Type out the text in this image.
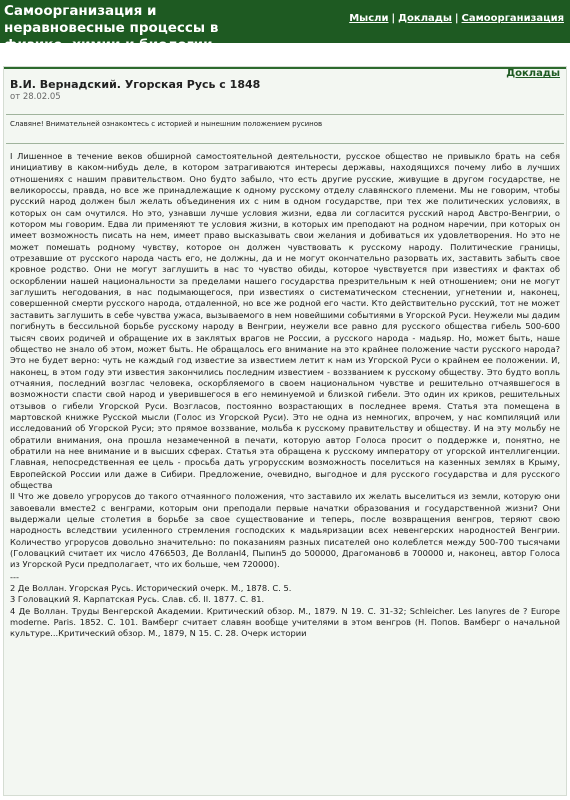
Самоорганизация и неравновесные процессы в физике, химии и биологии
Мысли | Доклады | Самоорганизация
Доклады
В.И. Вернадский. Угорская Русь с 1848
от 28.02.05
Славяне! Внимательней ознакомтесь с историей и нынешним положением русинов

I Лишенное в течение веков обширной самостоятельной деятельности, русское общество не привыкло брать на себя инициативу в каком-нибудь деле, в котором затрагиваются интересы державы, находящихся почему либо в лучших отношениях с нашим правительством. Оно будто забыло, что есть другие русские, живущие в другом государстве, не великороссы, правда, но все же принадлежащие к одному русскому отделу славянского племени. Мы не говорим, чтобы русский народ должен был желать объединения их с ним в одном государстве, при тех же политических условиях, в которых он сам очутился. Но это, узнавши лучше условия жизни, едва ли согласится русский народ Австро-Венгрии, о котором мы говорим. Едва ли применяют те условия жизни, в которых им преподают на родном наречии, при которых он имеет возможность писать на нем, имеет право высказывать свои желания и добиваться их удовлетворения. Но это не может помешать родному чувству, которое он должен чувствовать к русскому народу. Политические границы, отрезавшие от русского народа часть его, не должны, да и не могут окончательно разорвать их, заставить забыть свое кровное родство. Они не могут заглушить в нас то чувство обиды, которое чувствуется при известиях и фактах об оскорблении нашей национальности за пределами нашего государства презрительным к ней отношением; они не могут заглушить негодования, в нас подымающегося, при известиях о систематическом стеснении, угнетении и, наконец, совершенной смерти русского народа, отдаленной, но все же родной его части. Кто действительно русский, тот не может заставить заглушить в себе чувства ужаса, вызываемого в нем новейшими событиями в Угорской Руси. Неужели мы дадим погибнуть в бессильной борьбе русскому народу в Венгрии, неужели все равно для русского общества гибель 500-600 тысяч своих родичей и обращение их в заклятых врагов не России, а русского народа - мадьяр. Но, может быть, наше общество не знало об этом, может быть. Не обращалось его внимание на это крайнее положение части русского народа? Это не будет верно: чуть не каждый год известие за известием летит к нам из Угорской Руси о крайнем ее положении. И, наконец, в этом году эти известия закончились последним известием - воззванием к русскому обществу. Это будто вопль отчаяния, последний возглас человека, оскорбляемого в своем национальном чувстве и решительно отчаявшегося в возможности спасти свой народ и уверившегося в его неминуемой и близкой гибели. Это один их криков, решительных отзывов о гибели Угорской Руси. Возгласов, постоянно возрастающих в последнее время. Статья эта помещена в мартовской книжке Русской мысли (Голос из Угорской Руси). Это не одна из немногих, впрочем, у нас компиляций или исследований об Угорской Руси; это прямое воззвание, мольба к русскому правительству и обществу. И на эту мольбу не обратили внимания, она прошла незамеченной в печати, которую автор Голоса просит о поддержке и, понятно, не обратили на нее внимание и в высших сферах. Статья эта обращена к русскому императору от угорской интеллигенции. Главная, непосредственная ее цель - просьба дать угрорусским возможность поселиться на казенных землях в Крыму, Европейской России или даже в Сибири. Предложение, очевидно, выгодное и для русского государства и для русского общества

II Что же довело угрорусов до такого отчаянного положения, что заставило их желать выселиться из земли, которую они завоевали вместе2 с венграми, которым они преподали первые начатки образования и государственной жизни? Они выдержали целые столетия в борьбе за свое существование и теперь, после возвращения венгров, теряют свою народность вследствии усиленного стремления господских к мадьяризации всех невенгерских народностей Венгрии. Количество угрорусов довольно значительно: по показаниям разных писателей оно колеблется между 500-700 тысячами (Головацкий считает их число 4766503, Де Волланl4, Пыпин5 до 500000, Драгоманов6 в 700000 и, наконец, автор Голоса из Угорской Руси предполагает, что их больше, чем 720000).

---
2 Де Воллан. Угорская Русь. Исторический очерк. М., 1878. С. 5.
3 Головацкий Я. Карпатская Русь. Слав. сб. II. 1877. С. 81.
4 Де Воллан. Труды Венгерской Академии. Критический обзор. М., 1879. N 19. С. 31-32; Schleicher. Les lanyres de ? Europe moderne. Paris. 1852. С. 101. Вамберг считает славян вообще учителями в этом венгров (Н. Попов. Вамберг о начальной культуре...Критический обзор. М., 1879, N 15. С. 28. Очерк истории
